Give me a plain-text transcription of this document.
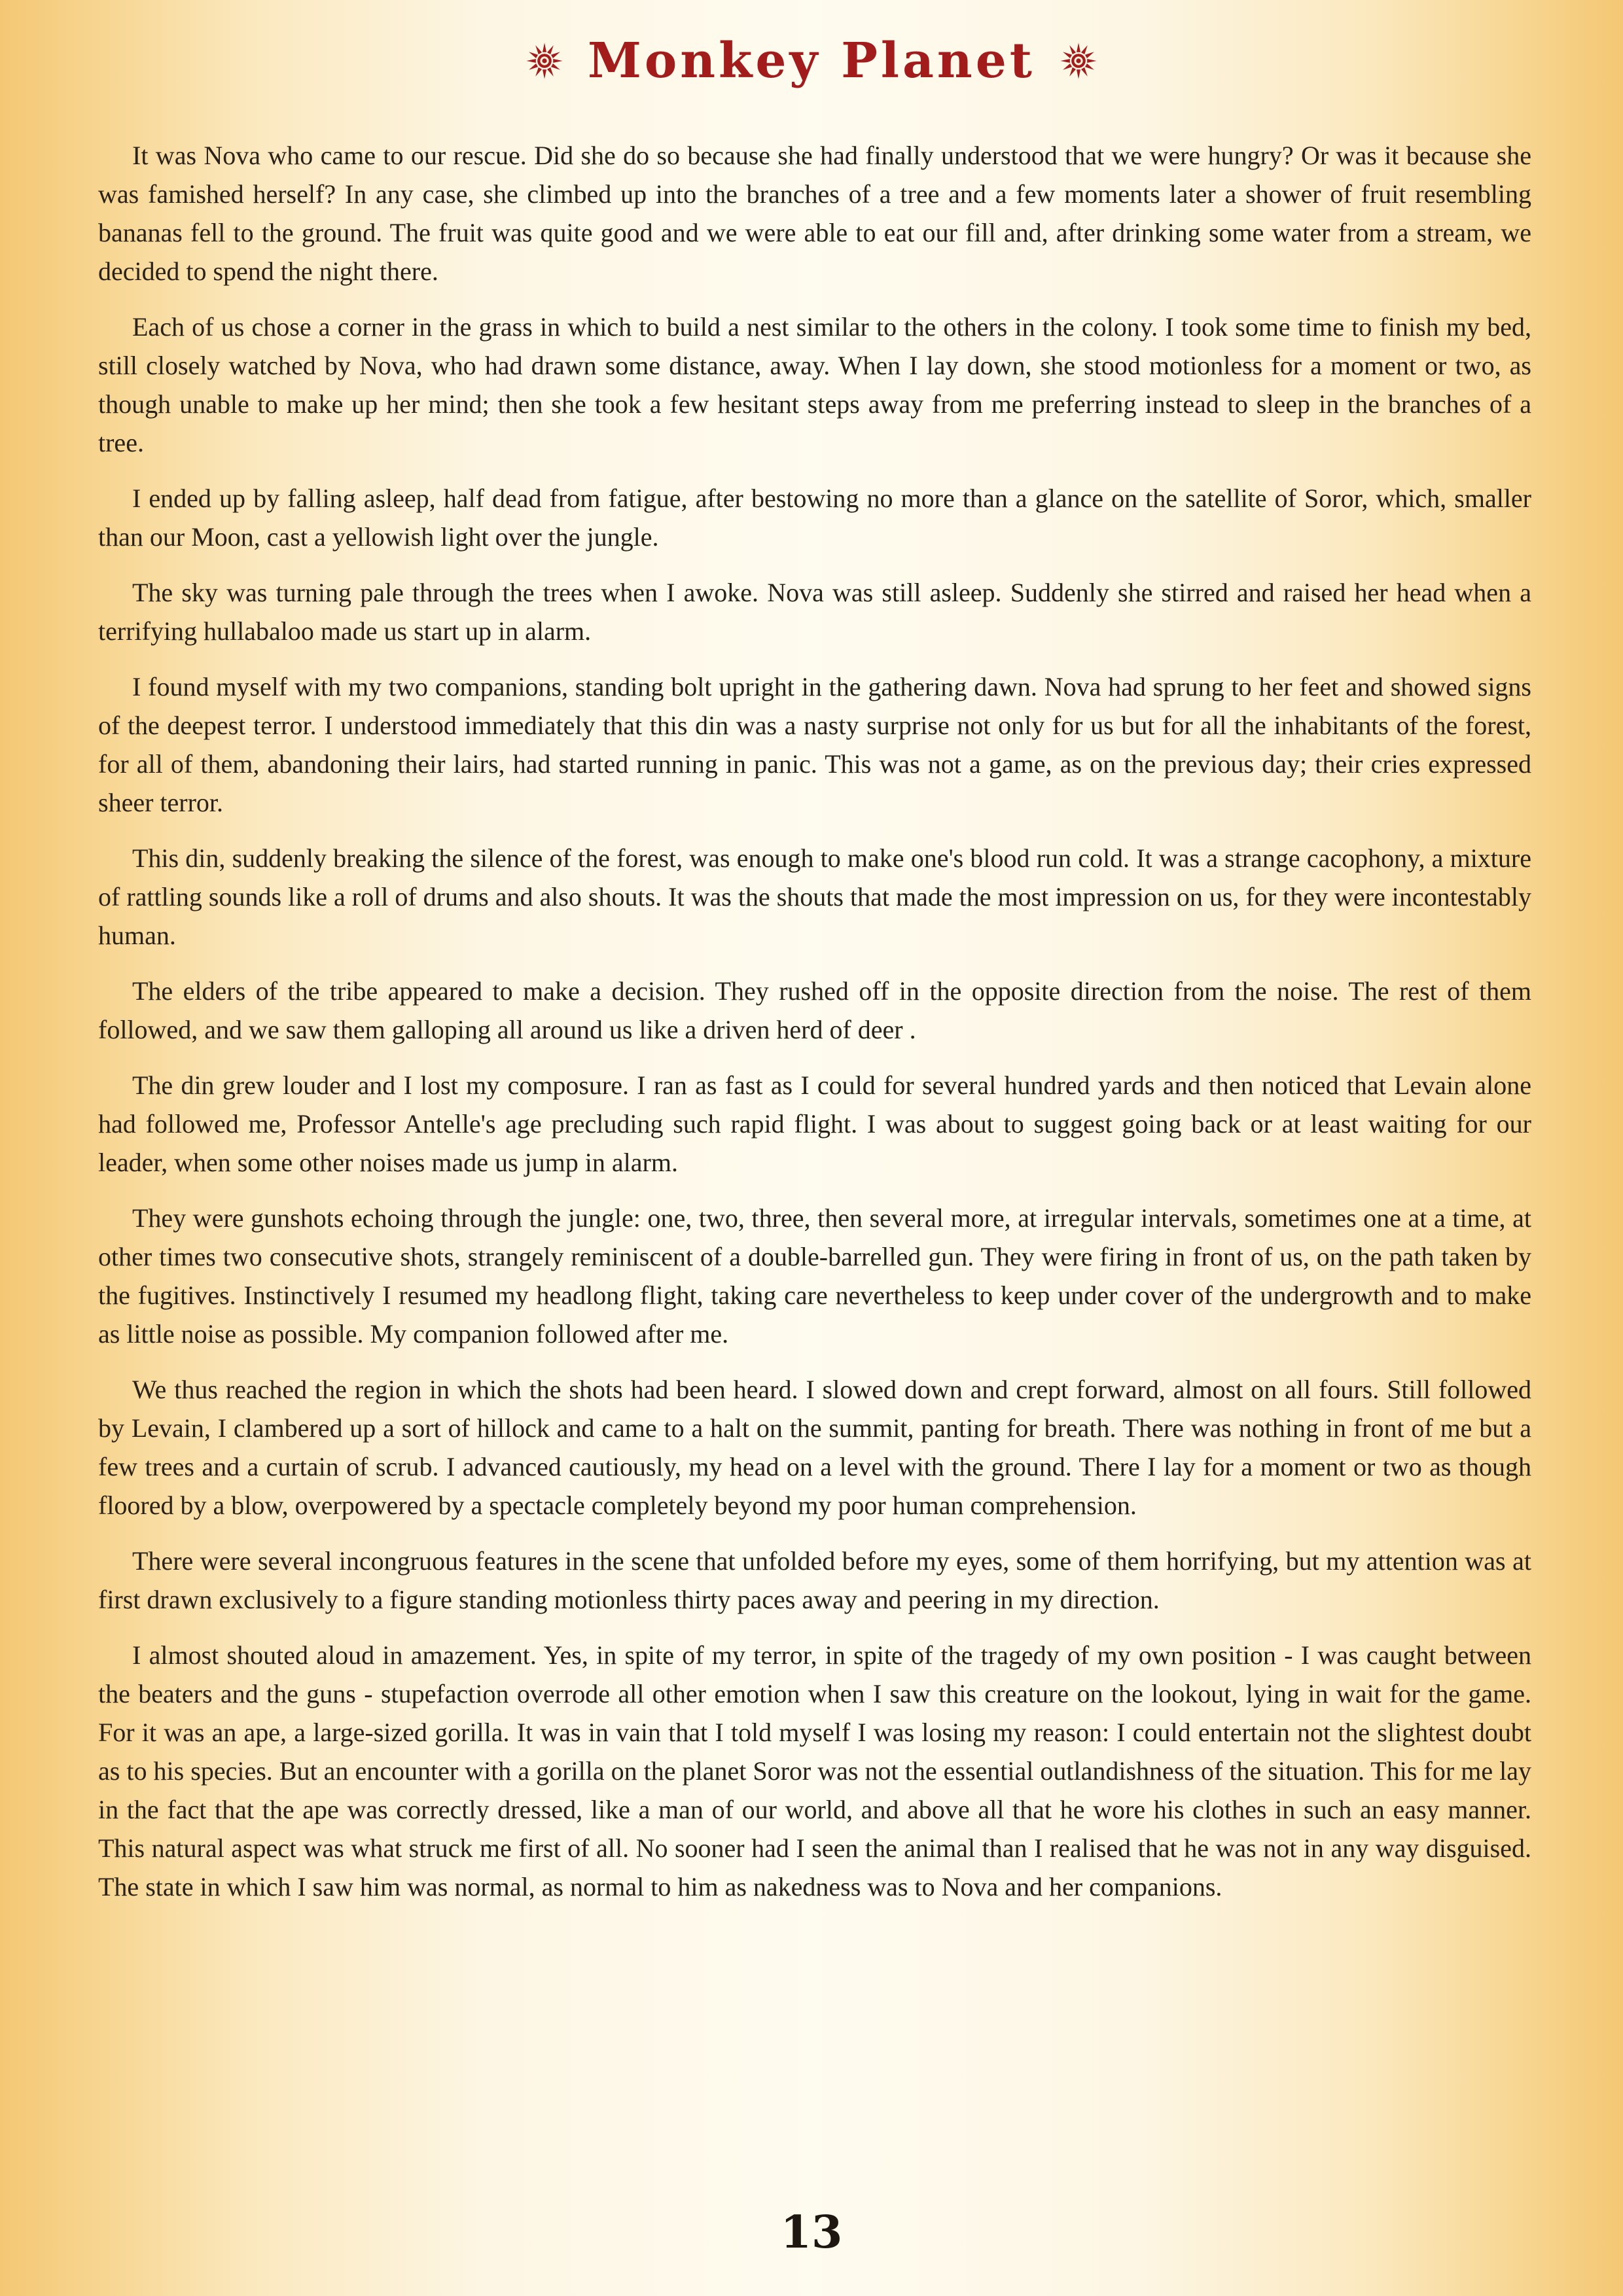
Monkey Planet

It was Nova who came to our rescue. Did she do so because she had finally understood that we were hungry? Or was it because she was famished herself? In any case, she climbed up into the branches of a tree and a few moments later a shower of fruit resembling bananas fell to the ground. The fruit was quite good and we were able to eat our fill and, after drinking some water from a stream, we decided to spend the night there.

Each of us chose a corner in the grass in which to build a nest similar to the others in the colony. I took some time to finish my bed, still closely watched by Nova, who had drawn some distance, away. When I lay down, she stood motionless for a moment or two, as though unable to make up her mind; then she took a few hesitant steps away from me preferring instead to sleep in the branches of a tree.

I ended up by falling asleep, half dead from fatigue, after bestowing no more than a glance on the satellite of Soror, which, smaller than our Moon, cast a yellowish light over the jungle.

The sky was turning pale through the trees when I awoke. Nova was still asleep. Suddenly she stirred and raised her head when a terrifying hullabaloo made us start up in alarm.

I found myself with my two companions, standing bolt upright in the gathering dawn. Nova had sprung to her feet and showed signs of the deepest terror. I understood immediately that this din was a nasty surprise not only for us but for all the inhabitants of the forest, for all of them, abandoning their lairs, had started running in panic. This was not a game, as on the previous day; their cries expressed sheer terror.

This din, suddenly breaking the silence of the forest, was enough to make one's blood run cold. It was a strange cacophony, a mixture of rattling sounds like a roll of drums and also shouts. It was the shouts that made the most impression on us, for they were incontestably human.

The elders of the tribe appeared to make a decision. They rushed off in the opposite direction from the noise. The rest of them followed, and we saw them galloping all around us like a driven herd of deer .

The din grew louder and I lost my composure. I ran as fast as I could for several hundred yards and then noticed that Levain alone had followed me, Professor Antelle's age precluding such rapid flight. I was about to suggest going back or at least waiting for our leader, when some other noises made us jump in alarm.

They were gunshots echoing through the jungle: one, two, three, then several more, at irregular intervals, sometimes one at a time, at other times two consecutive shots, strangely reminiscent of a double-barrelled gun. They were firing in front of us, on the path taken by the fugitives. Instinctively I resumed my headlong flight, taking care nevertheless to keep under cover of the undergrowth and to make as little noise as possible. My companion followed after me.

We thus reached the region in which the shots had been heard. I slowed down and crept forward, almost on all fours. Still followed by Levain, I clambered up a sort of hillock and came to a halt on the summit, panting for breath. There was nothing in front of me but a few trees and a curtain of scrub. I advanced cautiously, my head on a level with the ground. There I lay for a moment or two as though floored by a blow, overpowered by a spectacle completely beyond my poor human comprehension.

There were several incongruous features in the scene that unfolded before my eyes, some of them horrifying, but my attention was at first drawn exclusively to a figure standing motionless thirty paces away and peering in my direction.

I almost shouted aloud in amazement. Yes, in spite of my terror, in spite of the tragedy of my own position - I was caught between the beaters and the guns - stupefaction overrode all other emotion when I saw this creature on the lookout, lying in wait for the game. For it was an ape, a large-sized gorilla. It was in vain that I told myself I was losing my reason: I could entertain not the slightest doubt as to his species. But an encounter with a gorilla on the planet Soror was not the essential outlandishness of the situation. This for me lay in the fact that the ape was correctly dressed, like a man of our world, and above all that he wore his clothes in such an easy manner. This natural aspect was what struck me first of all. No sooner had I seen the animal than I realised that he was not in any way disguised. The state in which I saw him was normal, as normal to him as nakedness was to Nova and her companions.

13
